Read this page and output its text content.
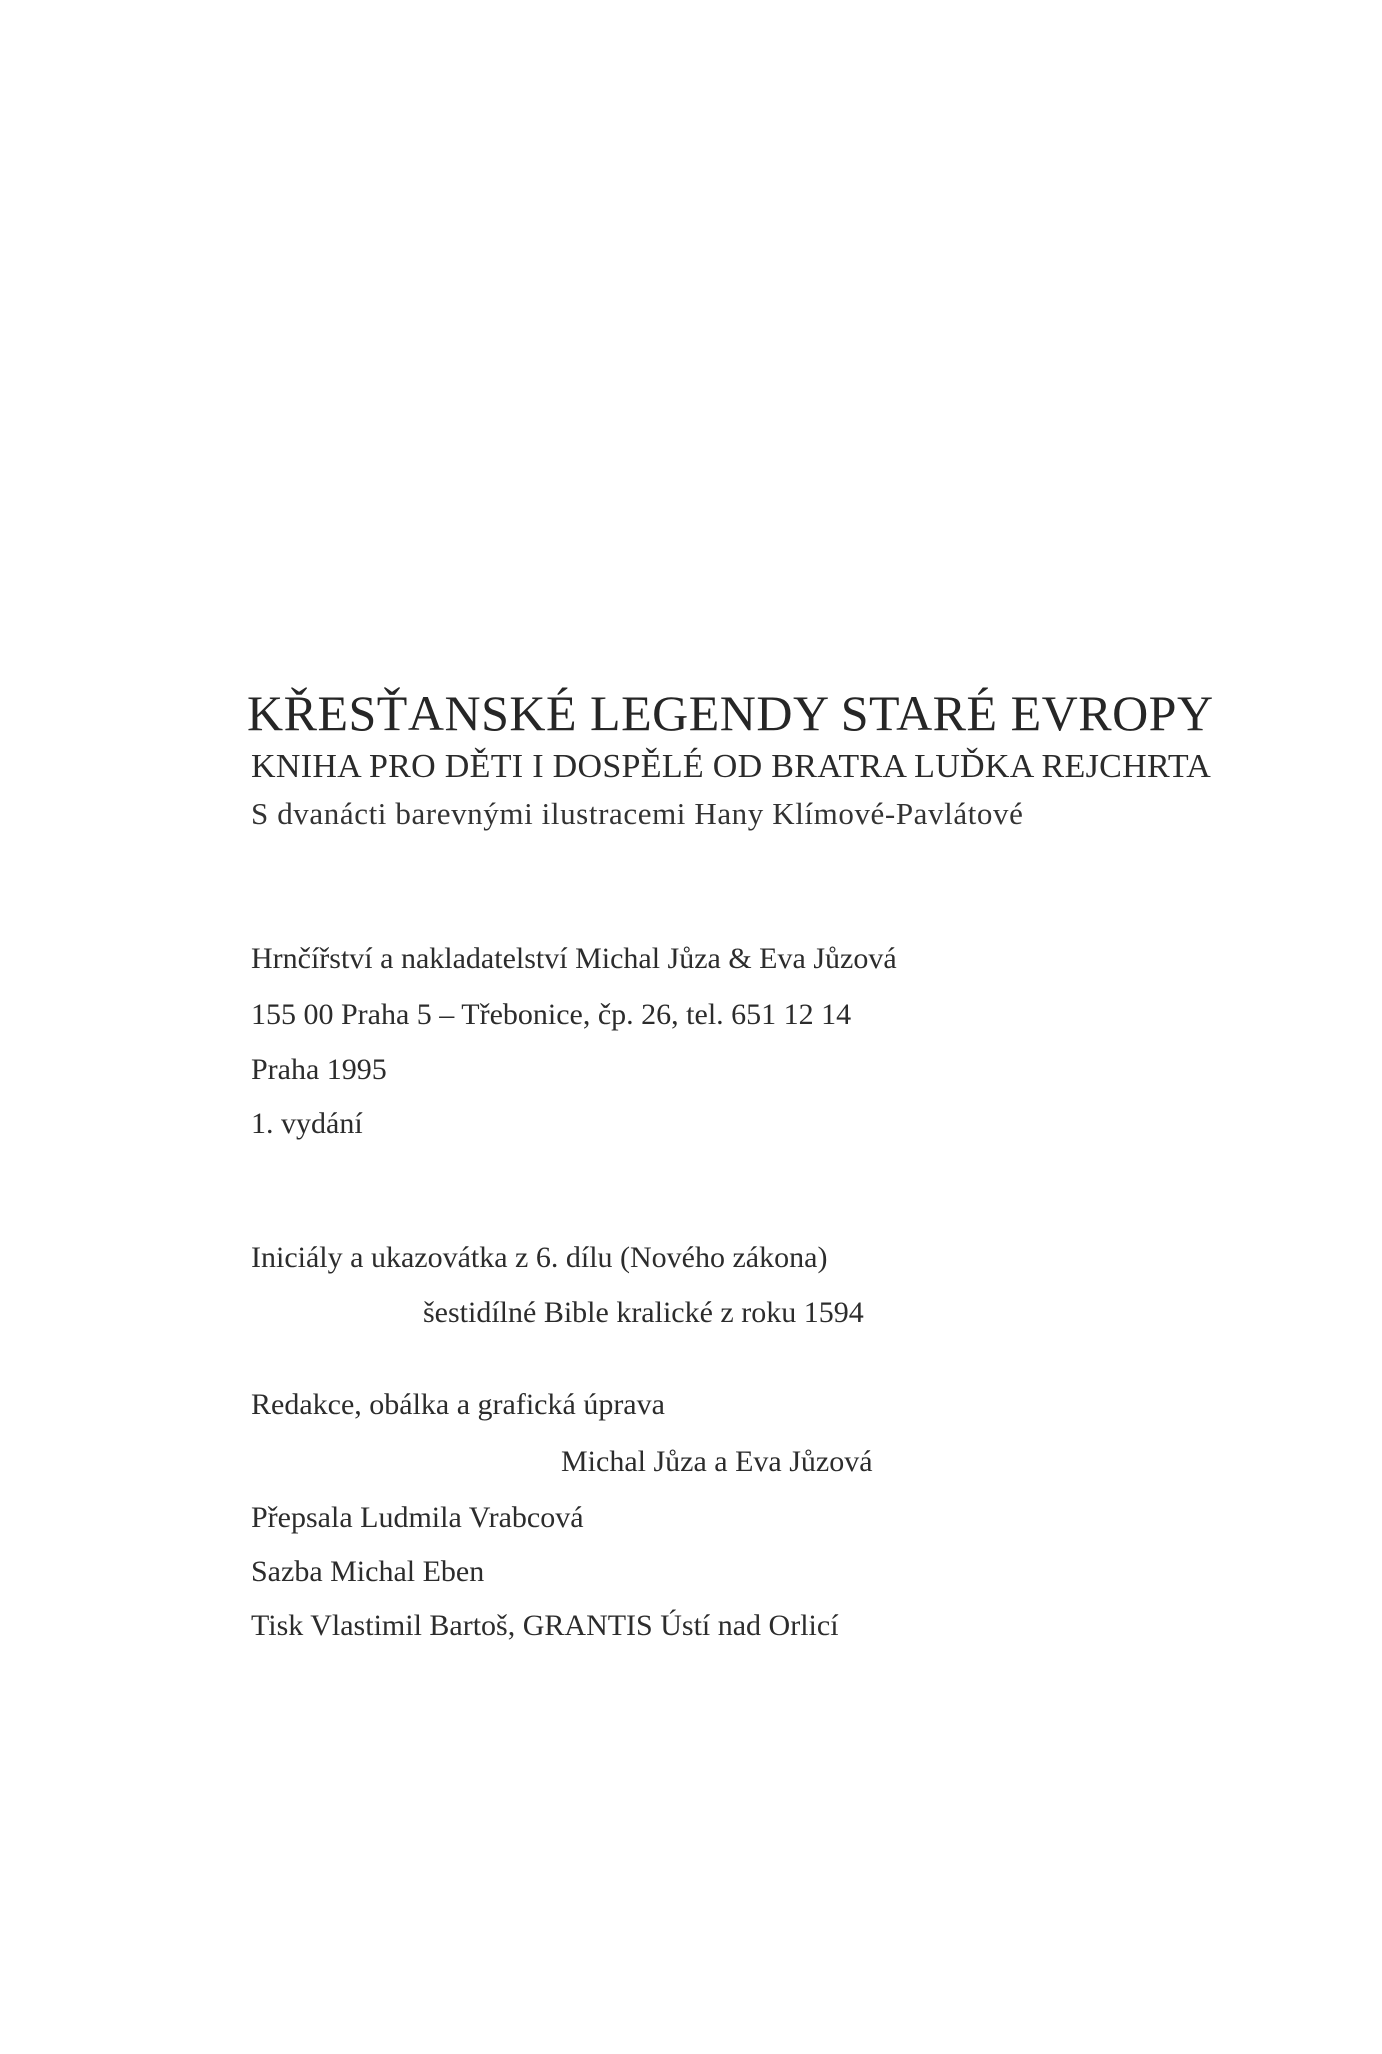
KŘESŤANSKÉ LEGENDY STARÉ EVROPY
KNIHA PRO DĚTI I DOSPĚLÉ OD BRATRA LUĎKA REJCHRTA
S dvanácti barevnými ilustracemi Hany Klímové-Pavlátové
Hrnčířství a nakladatelství Michal Jůza & Eva Jůzová
155 00 Praha 5 – Třebonice, čp. 26, tel. 651 12 14
Praha 1995
1. vydání
Iniciály a ukazovátka z 6. dílu (Nového zákona)
šestidílné Bible kralické z roku 1594
Redakce, obálka a grafická úprava
Michal Jůza a Eva Jůzová
Přepsala Ludmila Vrabcová
Sazba Michal Eben
Tisk Vlastimil Bartoš, GRANTIS Ústí nad Orlicí
